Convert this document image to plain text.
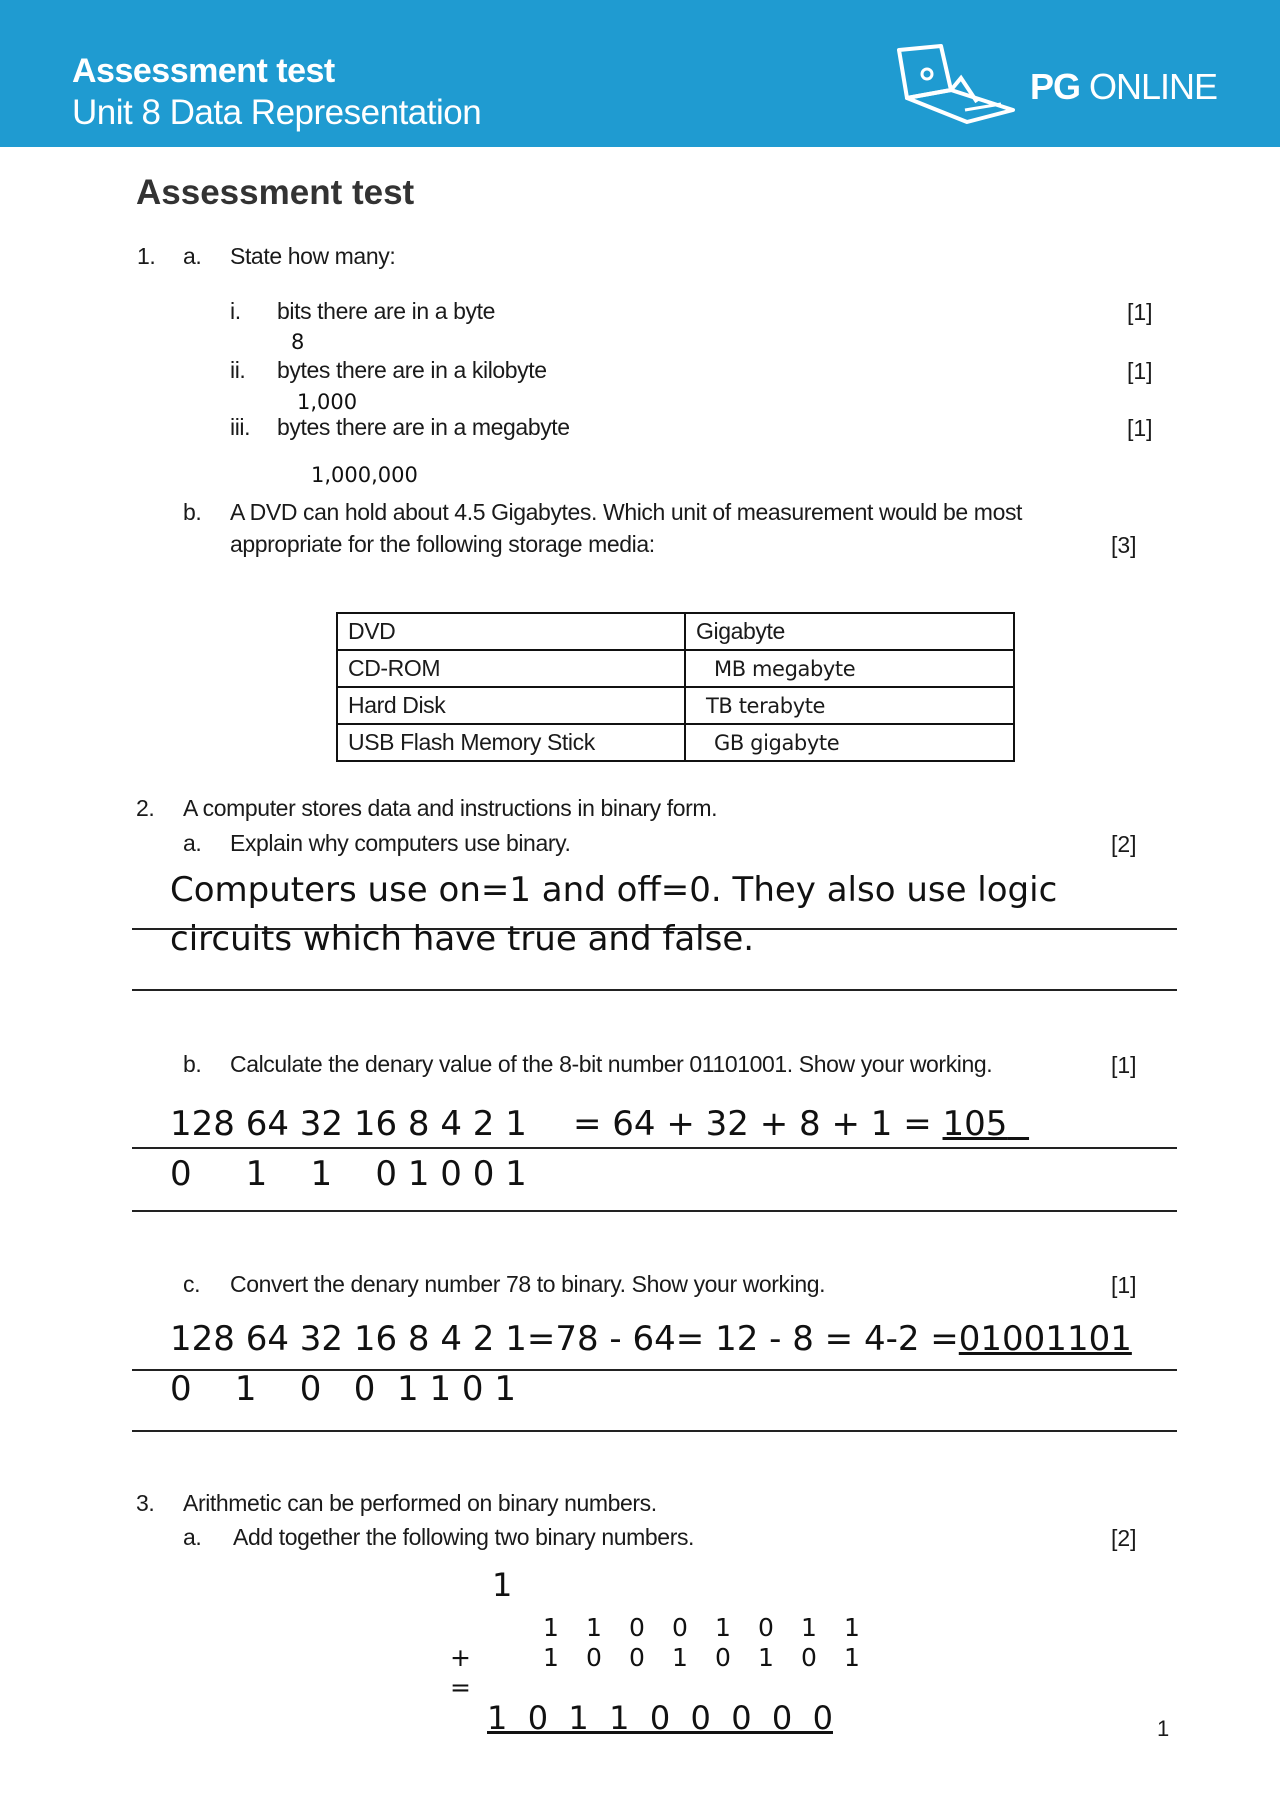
Assessment test
Unit 8 Data Representation
PG ONLINE
Assessment test
1. a. State how many:
i. bits there are in a byte	[1]
8
ii. bytes there are in a kilobyte	[1]
1,000
iii. bytes there are in a megabyte	[1]
1,000,000
b. A DVD can hold about 4.5 Gigabytes. Which unit of measurement would be most
appropriate for the following storage media:	[3]
DVD	Gigabyte
CD-ROM	MB megabyte
Hard Disk	TB terabyte
USB Flash Memory Stick	GB gigabyte
2. A computer stores data and instructions in binary form.
a. Explain why computers use binary.	[2]
Computers use on=1 and off=0. They also use logic
circuits which have true and false.
b. Calculate the denary value of the 8-bit number 01101001. Show your working.	[1]
128 64 32 16 8 4 2 1 = 64 + 32 + 8 + 1 = 105
0     1    1    0 1 0 0 1
c. Convert the denary number 78 to binary. Show your working.	[1]
128 64 32 16 8 4 2 1=78 - 64= 12 - 8 = 4-2 =01001101
0    1    0   0  1 1 0 1
3. Arithmetic can be performed on binary numbers.
a. Add together the following two binary numbers.	[2]
1
1 1 0 0 1 0 1 1
+	1 0 0 1 0 1 0 1
=
1  0  1  1  0  0  0  0  0	1
